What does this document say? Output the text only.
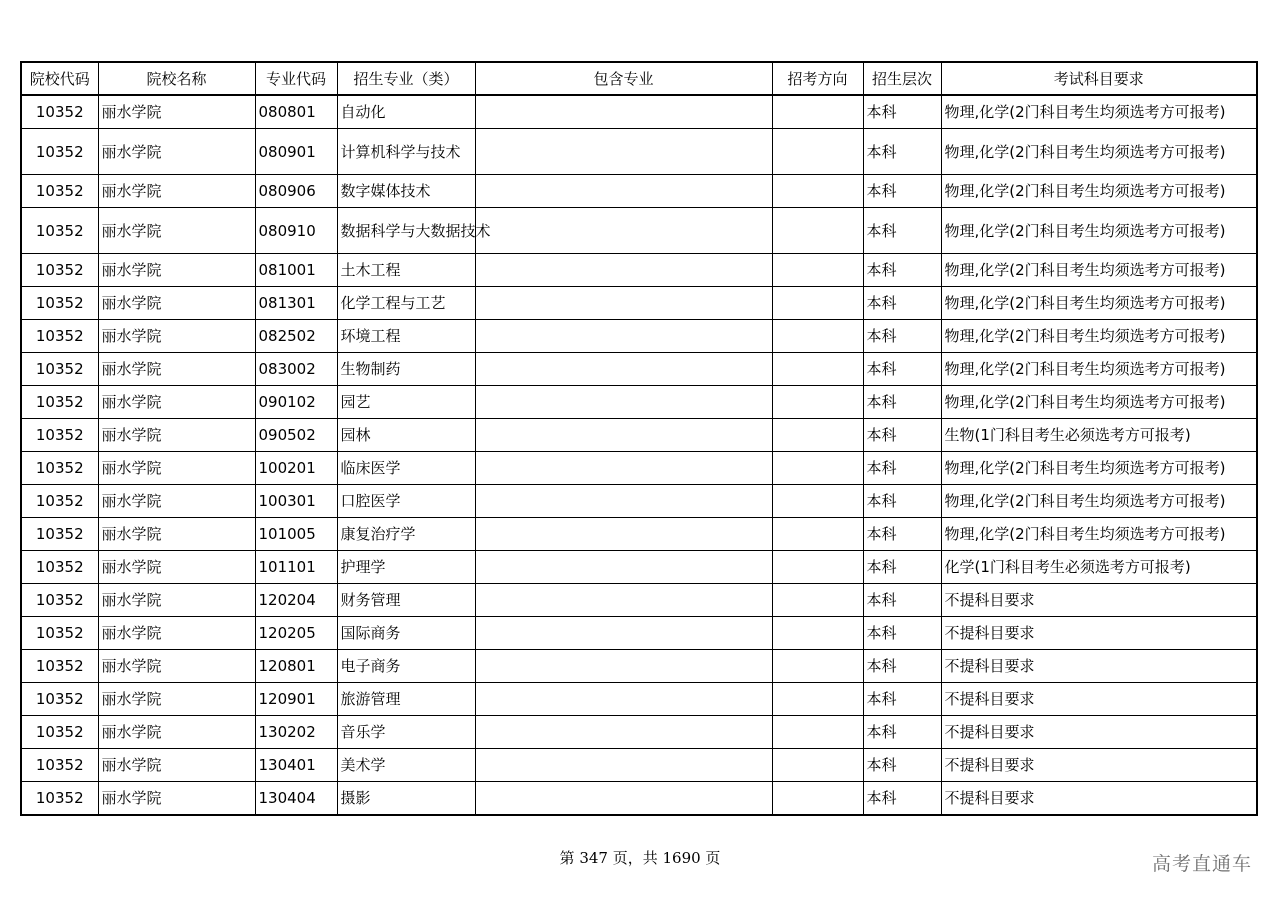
院校代码	院校名称	专业代码	招生专业（类）	包含专业	招考方向	招生层次	考试科目要求
10352	丽水学院	080801	自动化			本科	物理,化学(2门科目考生均须选考方可报考)
10352	丽水学院	080901	计算机科学与技术			本科	物理,化学(2门科目考生均须选考方可报考)
10352	丽水学院	080906	数字媒体技术			本科	物理,化学(2门科目考生均须选考方可报考)
10352	丽水学院	080910	数据科学与大数据技术			本科	物理,化学(2门科目考生均须选考方可报考)
10352	丽水学院	081001	土木工程			本科	物理,化学(2门科目考生均须选考方可报考)
10352	丽水学院	081301	化学工程与工艺			本科	物理,化学(2门科目考生均须选考方可报考)
10352	丽水学院	082502	环境工程			本科	物理,化学(2门科目考生均须选考方可报考)
10352	丽水学院	083002	生物制药			本科	物理,化学(2门科目考生均须选考方可报考)
10352	丽水学院	090102	园艺			本科	物理,化学(2门科目考生均须选考方可报考)
10352	丽水学院	090502	园林			本科	生物(1门科目考生必须选考方可报考)
10352	丽水学院	100201	临床医学			本科	物理,化学(2门科目考生均须选考方可报考)
10352	丽水学院	100301	口腔医学			本科	物理,化学(2门科目考生均须选考方可报考)
10352	丽水学院	101005	康复治疗学			本科	物理,化学(2门科目考生均须选考方可报考)
10352	丽水学院	101101	护理学			本科	化学(1门科目考生必须选考方可报考)
10352	丽水学院	120204	财务管理			本科	不提科目要求
10352	丽水学院	120205	国际商务			本科	不提科目要求
10352	丽水学院	120801	电子商务			本科	不提科目要求
10352	丽水学院	120901	旅游管理			本科	不提科目要求
10352	丽水学院	130202	音乐学			本科	不提科目要求
10352	丽水学院	130401	美术学			本科	不提科目要求
10352	丽水学院	130404	摄影			本科	不提科目要求
第 347 页，共 1690 页	高考直通车
